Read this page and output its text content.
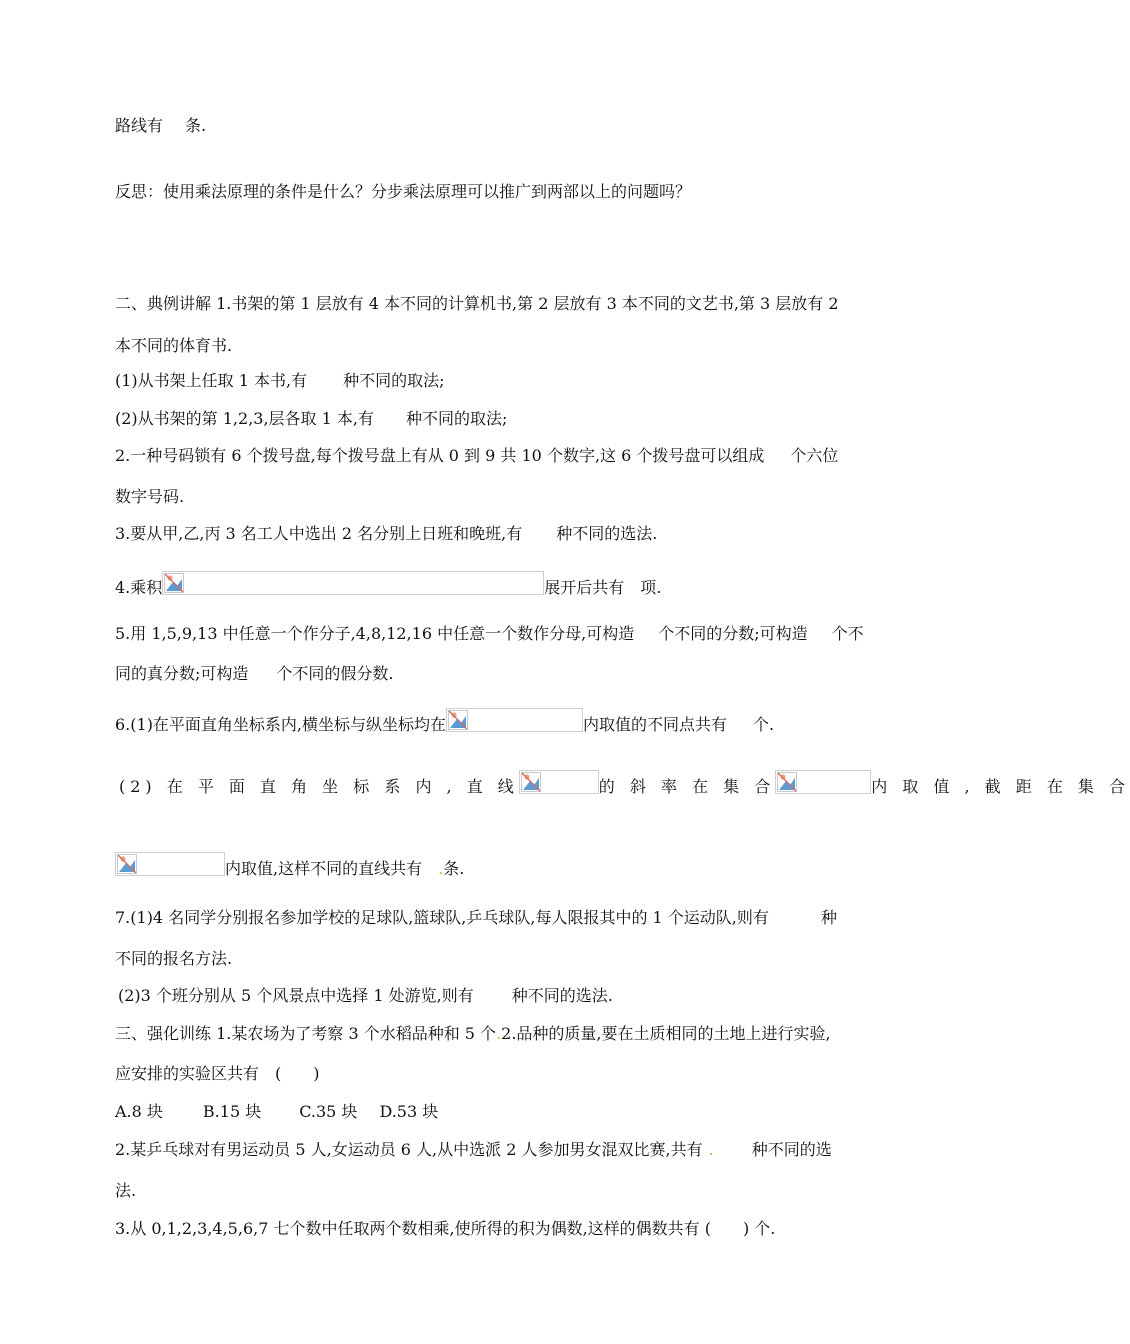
路线有 条.
反思：使用乘法原理的条件是什么？分步乘法原理可以推广到两部以上的问题吗？
二、典例讲解 1.书架的第 1 层放有 4 本不同的计算机书,第 2 层放有 3 本不同的文艺书,第 3 层放有 2
本不同的体育书.
(1)从书架上任取 1 本书,有 种不同的取法;
(2)从书架的第 1,2,3,层各取 1 本,有 种不同的取法;
2.一种号码锁有 6 个拨号盘,每个拨号盘上有从 0 到 9 共 10 个数字,这 6 个拨号盘可以组成 个六位
数字号码.
3.要从甲,乙,丙 3 名工人中选出 2 名分别上日班和晚班,有 种不同的选法.
4.乘积	展开后共有 项.
5.用 1,5,9,13 中任意一个作分子,4,8,12,16 中任意一个数作分母,可构造 个不同的分数;可构造 个不
同的真分数;可构造 个不同的假分数.
6.(1)在平面直角坐标系内,横坐标与纵坐标均在	内取值的不同点共有 个.
(2) 在 平 面 直 角 坐 标 系 内 , 直 线	的 斜 率 在 集 合	内 取 值 , 截 距 在 集 合
内取值,这样不同的直线共有 .条.
7.(1)4 名同学分别报名参加学校的足球队,篮球队,乒乓球队,每人限报其中的 1 个运动队,则有	种
不同的报名方法.
(2)3 个班分别从 5 个风景点中选择 1 处游览,则有 种不同的选法.
三、强化训练 1.某农场为了考察 3 个水稻品种和 5 个.2.品种的质量,要在土质相同的土地上进行实验,
应安排的实验区共有　(　　)
A.8 块	B.15 块 C.35 块 D.53 块
2.某乒乓球对有男运动员 5 人,女运动员 6 人,从中选派 2 人参加男女混双比赛,共有 . 种不同的选
法.
3.从 0,1,2,3,4,5,6,7 七个数中任取两个数相乘,使所得的积为偶数,这样的偶数共有 (　　) 个.
